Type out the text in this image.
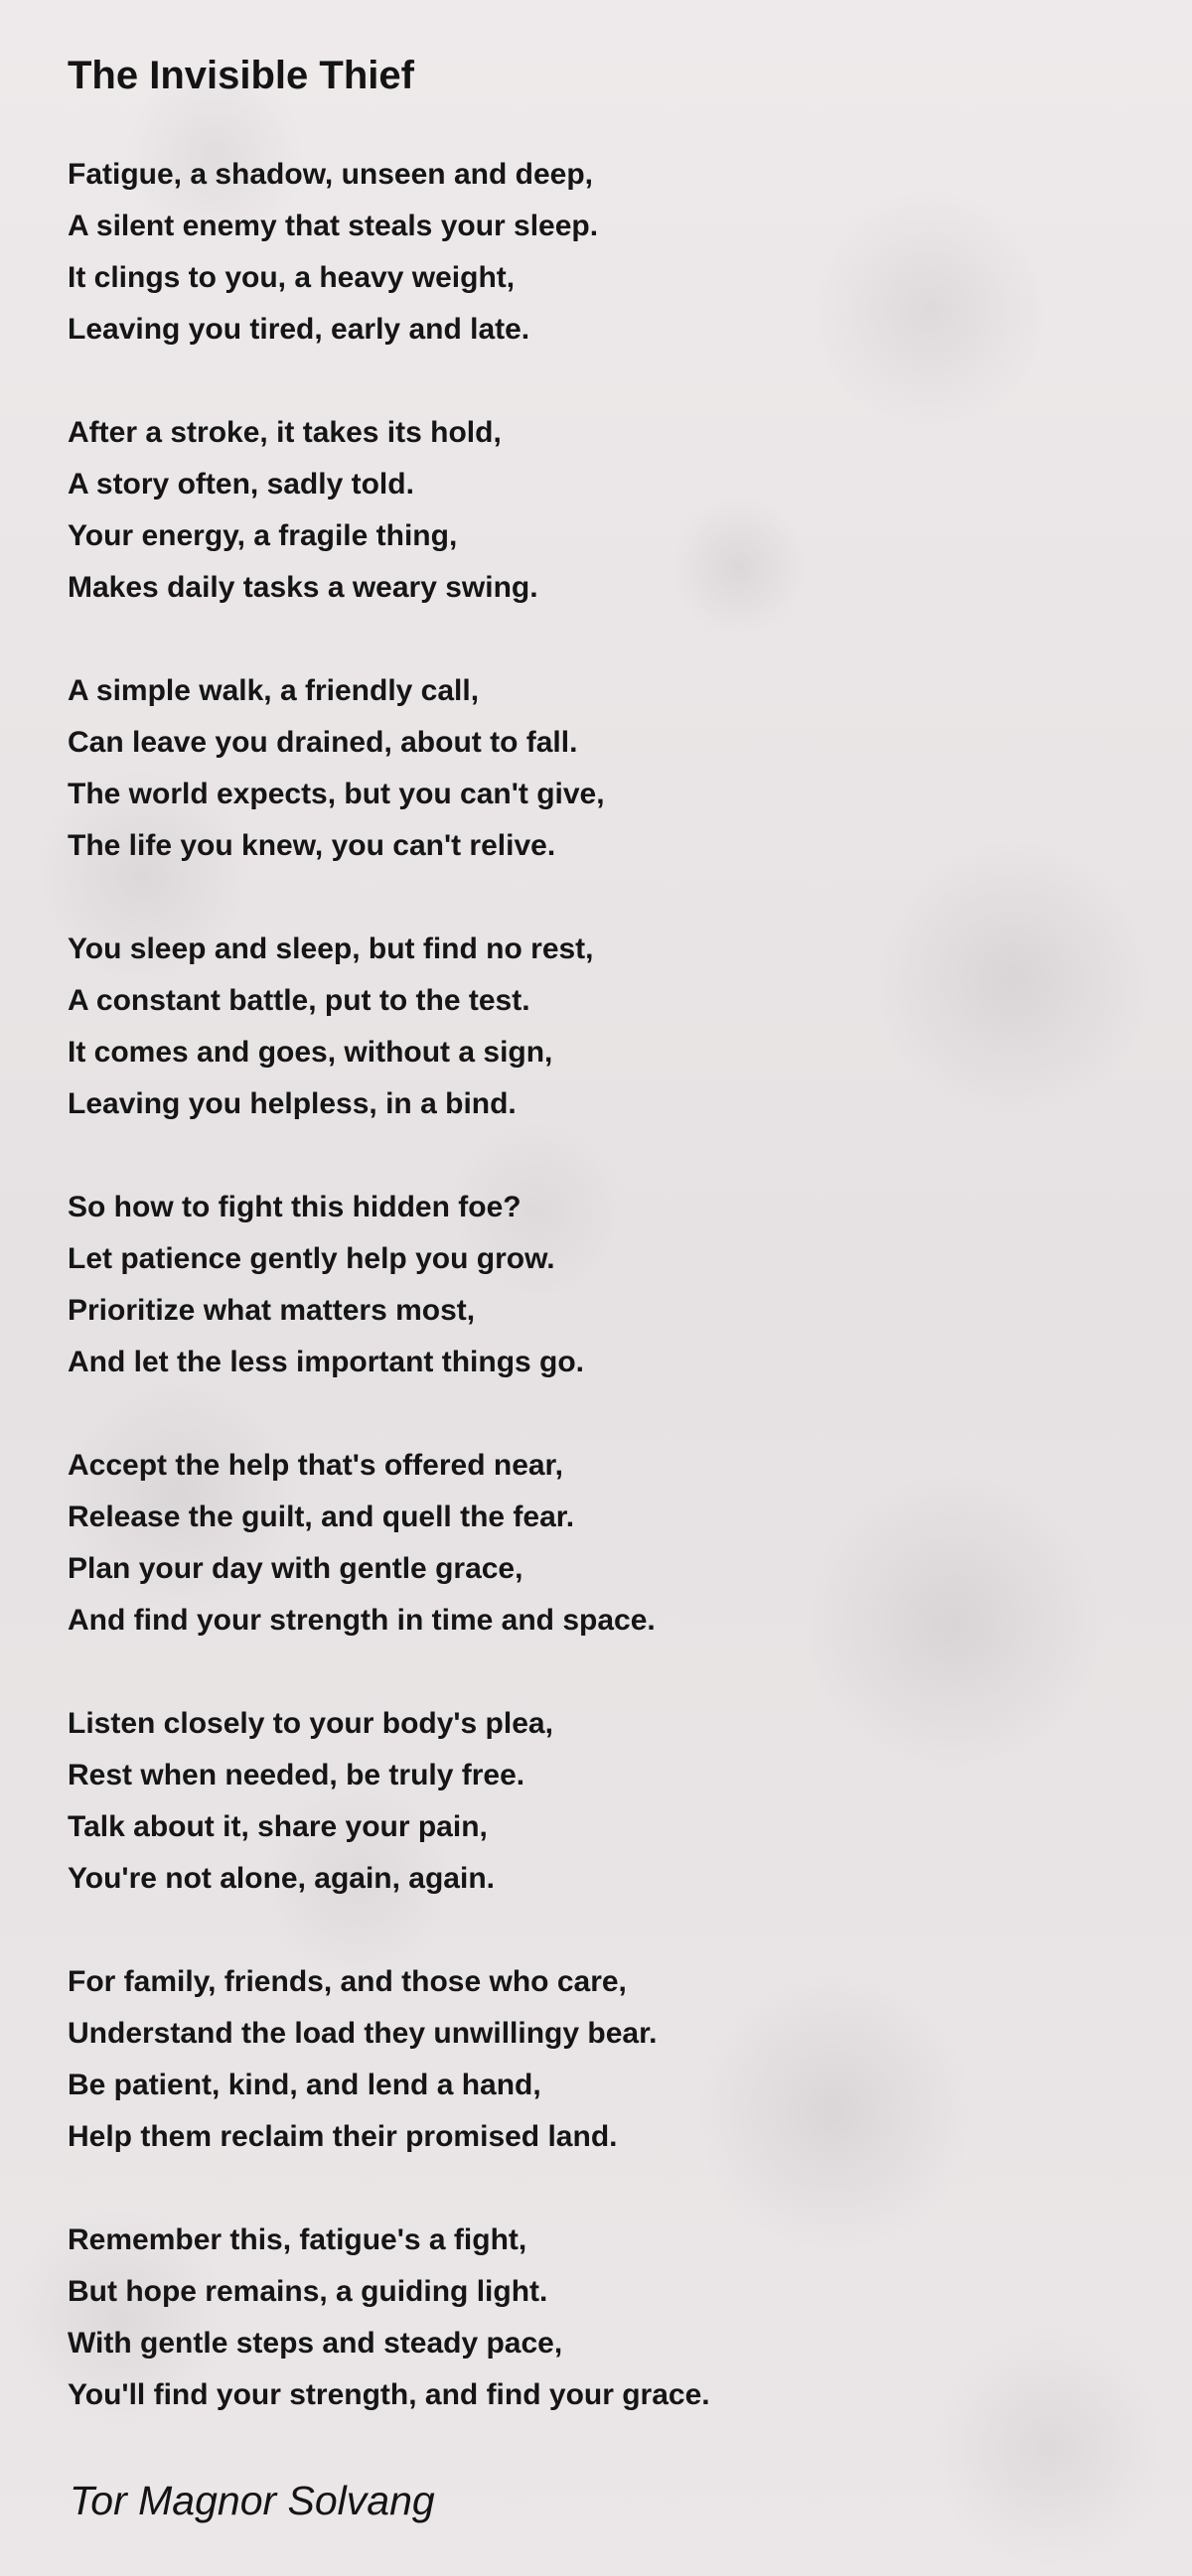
The Invisible Thief
Fatigue, a shadow, unseen and deep,
A silent enemy that steals your sleep.
It clings to you, a heavy weight,
Leaving you tired, early and late.
After a stroke, it takes its hold,
A story often, sadly told.
Your energy, a fragile thing,
Makes daily tasks a weary swing.
A simple walk, a friendly call,
Can leave you drained, about to fall.
The world expects, but you can't give,
The life you knew, you can't relive.
You sleep and sleep, but find no rest,
A constant battle, put to the test.
It comes and goes, without a sign,
Leaving you helpless, in a bind.
So how to fight this hidden foe?
Let patience gently help you grow.
Prioritize what matters most,
And let the less important things go.
Accept the help that's offered near,
Release the guilt, and quell the fear.
Plan your day with gentle grace,
And find your strength in time and space.
Listen closely to your body's plea,
Rest when needed, be truly free.
Talk about it, share your pain,
You're not alone, again, again.
For family, friends, and those who care,
Understand the load they unwillingy bear.
Be patient, kind, and lend a hand,
Help them reclaim their promised land.
Remember this, fatigue's a fight,
But hope remains, a guiding light.
With gentle steps and steady pace,
You'll find your strength, and find your grace.
Tor Magnor Solvang
